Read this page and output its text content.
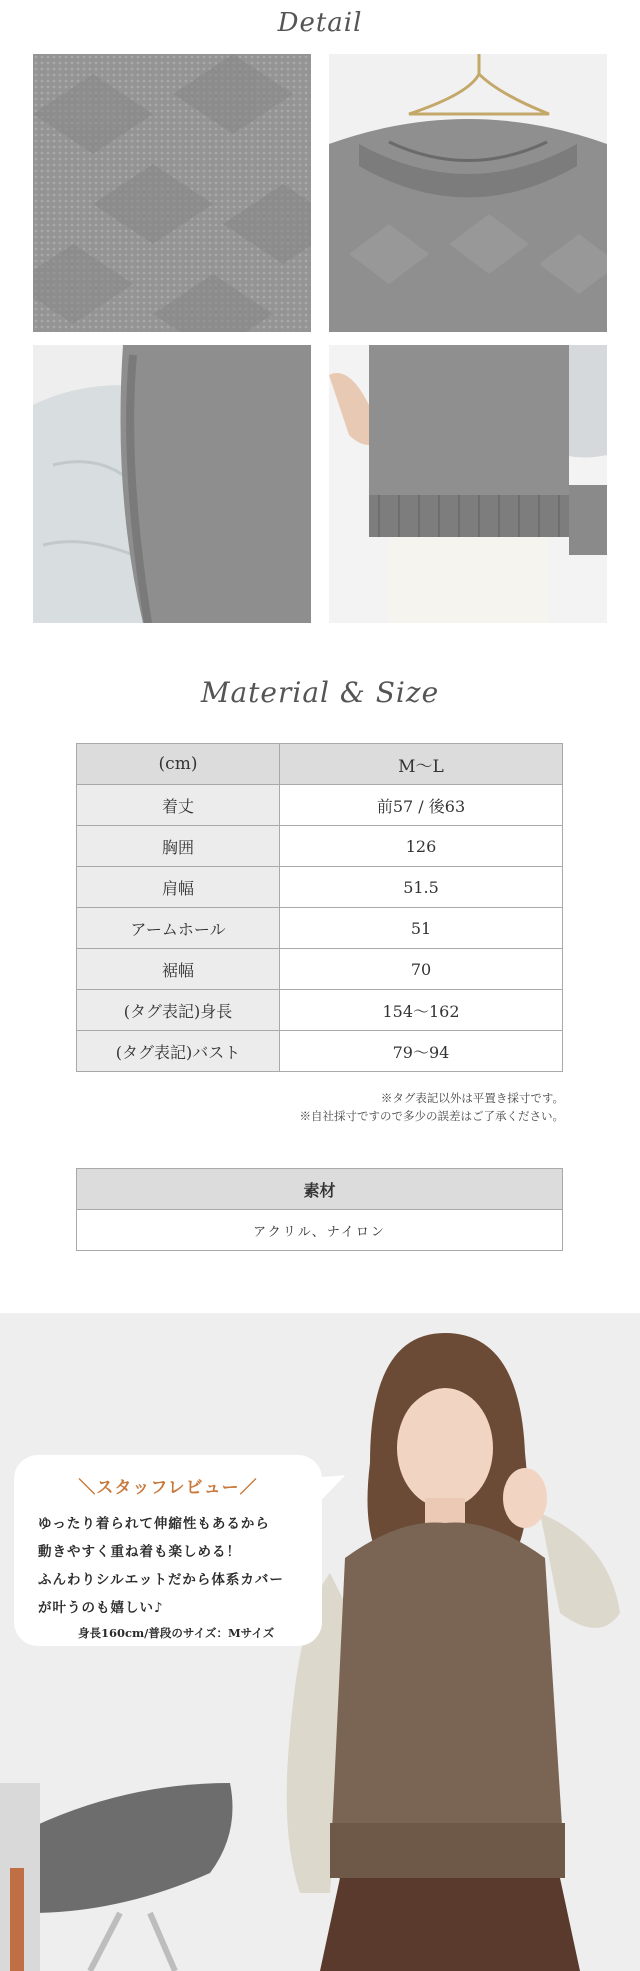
Detail
Material & Size
(cm)	M〜L
着丈	前57 / 後63
胸囲	126
肩幅	51.5
アームホール	51
裾幅	70
(タグ表記)身長	154〜162
(タグ表記)バスト	79〜94
※タグ表記以外は平置き採寸です。
※自社採寸ですので多少の誤差はご了承ください。
素材
アクリル、ナイロン
＼スタッフレビュー／
ゆったり着られて伸縮性もあるから
動きやすく重ね着も楽しめる！
ふんわりシルエットだから体系カバー
が叶うのも嬉しい♪
身長160cm/普段のサイズ：Mサイズ
